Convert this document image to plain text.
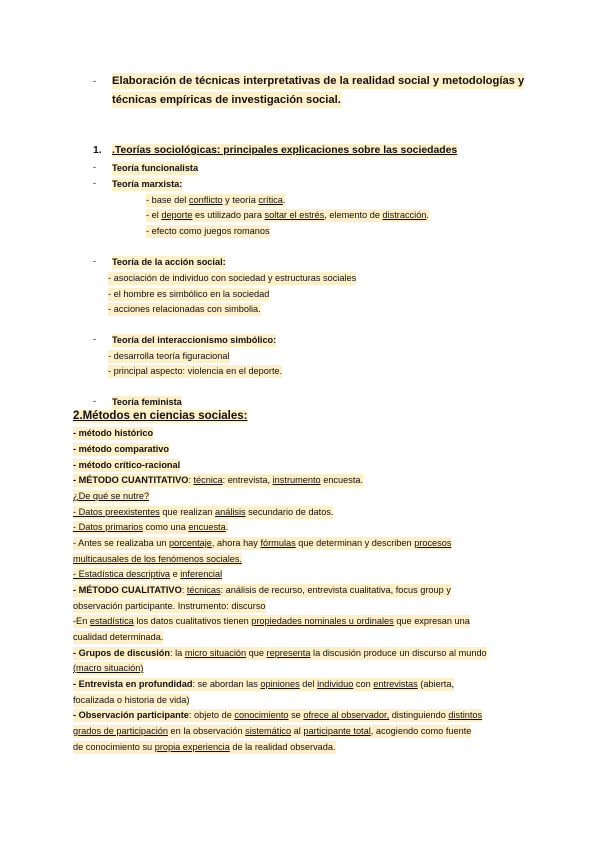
- Elaboración de técnicas interpretativas de la realidad social y metodologías y
técnicas empíricas de investigación social.
1. .Teorías sociológicas: principales explicaciones sobre las sociedades
- Teoría funcionalista
- Teoría marxista:
- base del conflicto y teoría crítica.
- el deporte es utilizado para soltar el estrés, elemento de distracción.
- efecto como juegos romanos
- Teoría de la acción social:
- asociación de individuo con sociedad y estructuras sociales
- el hombre es simbólico en la sociedad
- acciones relacionadas con simbolia.
- Teoría del interaccionismo simbólico:
- desarrolla teoría figuracional
- principal aspecto: violencia en el deporte.
- Teoría feminista
2.Métodos en ciencias sociales:
- método histórico
- método comparativo
- método crítico-racional
- MÉTODO CUANTITATIVO: técnica: entrevista, instrumento encuesta.
¿De qué se nutre?
- Datos preexistentes que realizan análisis secundario de datos.
- Datos primarios como una encuesta.
- Antes se realizaba un porcentaje, ahora hay fórmulas que determinan y describen procesos
multicausales de los fenómenos sociales.
- Estadística descriptiva e inferencial
- MÉTODO CUALITATIVO: técnicas: análisis de recurso, entrevista cualitativa, focus group y
observación participante. Instrumento: discurso
-En estadística los datos cualitativos tienen propiedades nominales u ordinales que expresan una
cualidad determinada.
- Grupos de discusión: la micro situación que representa la discusión produce un discurso al mundo
(macro situación)
- Entrevista en profundidad: se abordan las opiniones del individuo con entrevistas (abierta,
focalizada o historia de vida)
- Observación participante: objeto de conocimiento se ofrece al observador, distinguiendo distintos
grados de participación en la observación sistemático al participante total, acogiendo como fuente
de conocimiento su propia experiencia de la realidad observada.
